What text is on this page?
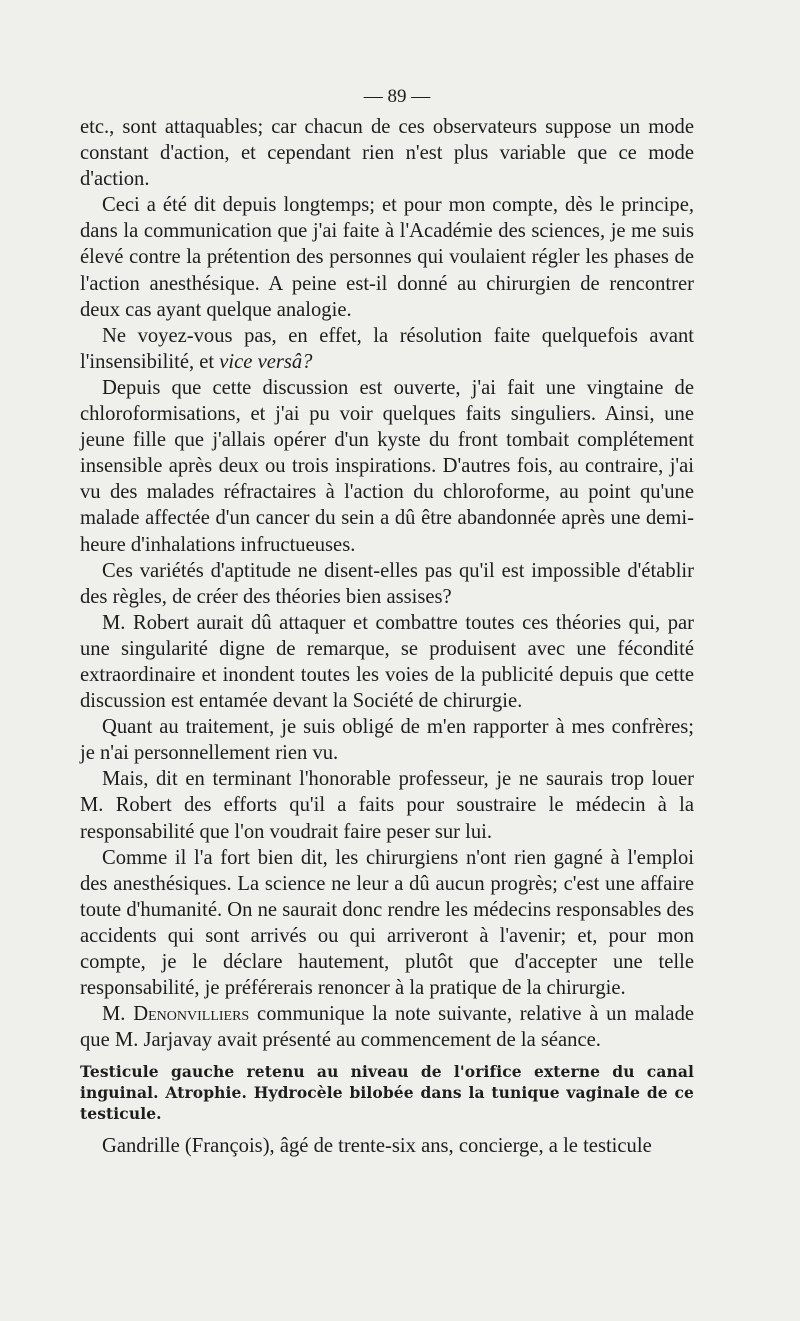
— 89 —

etc., sont attaquables; car chacun de ces observateurs suppose un mode constant d'action, et cependant rien n'est plus variable que ce mode d'action.

Ceci a été dit depuis longtemps; et pour mon compte, dès le principe, dans la communication que j'ai faite à l'Académie des sciences, je me suis élevé contre la prétention des personnes qui voulaient régler les phases de l'action anesthésique. A peine est-il donné au chirurgien de rencontrer deux cas ayant quelque analogie.

Ne voyez-vous pas, en effet, la résolution faite quelquefois avant l'insensibilité, et vice versâ?

Depuis que cette discussion est ouverte, j'ai fait une vingtaine de chloroformisations, et j'ai pu voir quelques faits singuliers. Ainsi, une jeune fille que j'allais opérer d'un kyste du front tombait complétement insensible après deux ou trois inspirations. D'autres fois, au contraire, j'ai vu des malades réfractaires à l'action du chloroforme, au point qu'une malade affectée d'un cancer du sein a dû être abandonnée après une demi-heure d'inhalations infructueuses.

Ces variétés d'aptitude ne disent-elles pas qu'il est impossible d'établir des règles, de créer des théories bien assises?

M. Robert aurait dû attaquer et combattre toutes ces théories qui, par une singularité digne de remarque, se produisent avec une fécondité extraordinaire et inondent toutes les voies de la publicité depuis que cette discussion est entamée devant la Société de chirurgie.

Quant au traitement, je suis obligé de m'en rapporter à mes confrères; je n'ai personnellement rien vu.

Mais, dit en terminant l'honorable professeur, je ne saurais trop louer M. Robert des efforts qu'il a faits pour soustraire le médecin à la responsabilité que l'on voudrait faire peser sur lui.

Comme il l'a fort bien dit, les chirurgiens n'ont rien gagné à l'emploi des anesthésiques. La science ne leur a dû aucun progrès; c'est une affaire toute d'humanité. On ne saurait donc rendre les médecins responsables des accidents qui sont arrivés ou qui arriveront à l'avenir; et, pour mon compte, je le déclare hautement, plutôt que d'accepter une telle responsabilité, je préférerais renoncer à la pratique de la chirurgie.

M. Denonvilliers communique la note suivante, relative à un malade que M. Jarjavay avait présenté au commencement de la séance.

Testicule gauche retenu au niveau de l'orifice externe du canal inguinal. Atrophie. Hydrocèle bilobée dans la tunique vaginale de ce testicule.

Gandrille (François), âgé de trente-six ans, concierge, a le testicule
